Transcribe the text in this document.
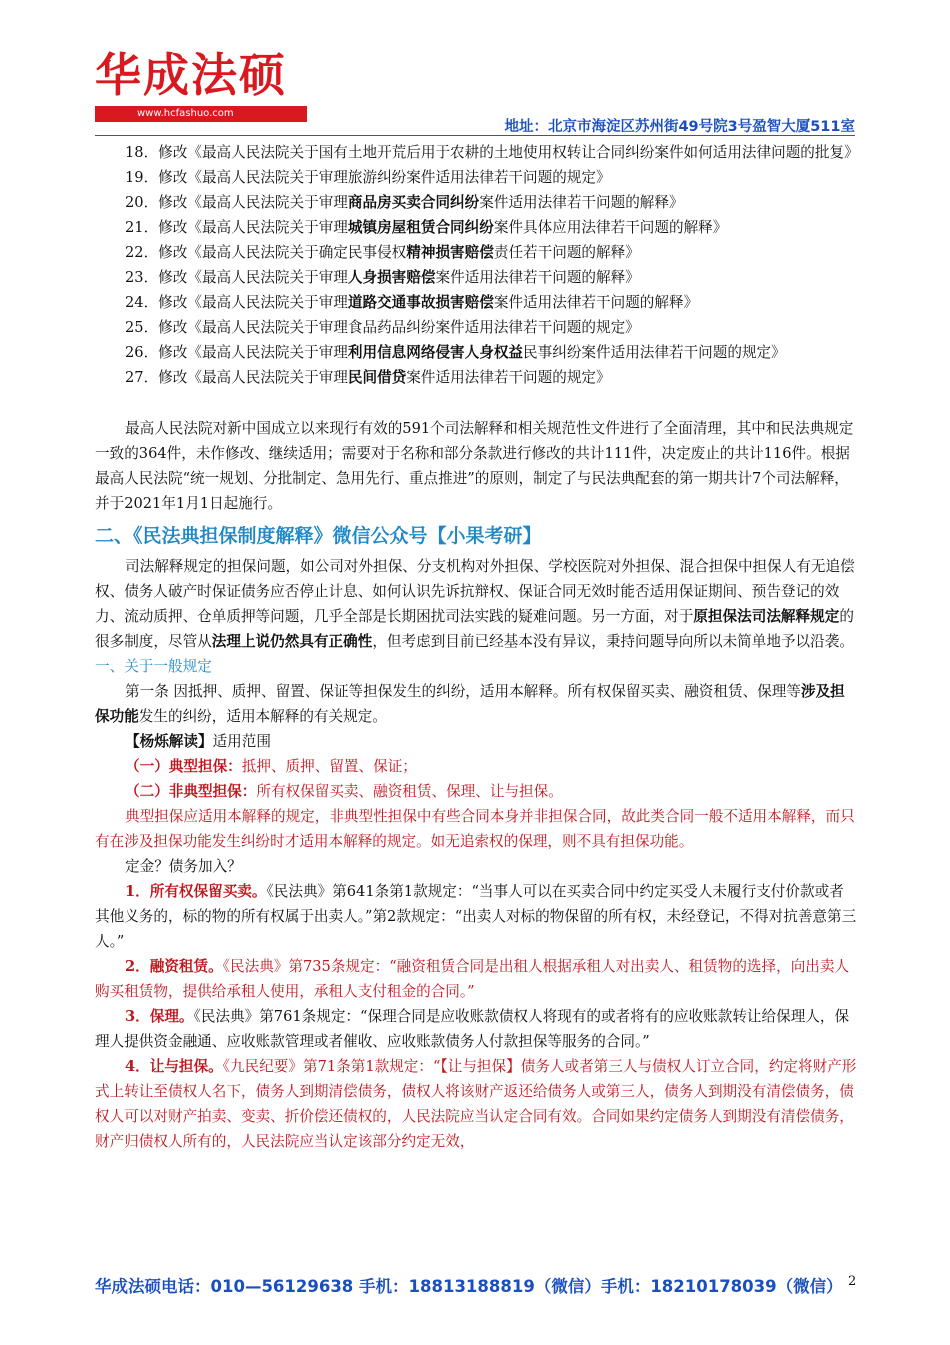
华成法硕
www.hcfashuo.com
地址：北京市海淀区苏州街49号院3号盈智大厦511室

18．修改《最高人民法院关于国有土地开荒后用于农耕的土地使用权转让合同纠纷案件如何适用法律问题的批复》

19．修改《最高人民法院关于审理旅游纠纷案件适用法律若干问题的规定》

20．修改《最高人民法院关于审理商品房买卖合同纠纷案件适用法律若干问题的解释》

21．修改《最高人民法院关于审理城镇房屋租赁合同纠纷案件具体应用法律若干问题的解释》

22．修改《最高人民法院关于确定民事侵权精神损害赔偿责任若干问题的解释》

23．修改《最高人民法院关于审理人身损害赔偿案件适用法律若干问题的解释》

24．修改《最高人民法院关于审理道路交通事故损害赔偿案件适用法律若干问题的解释》

25．修改《最高人民法院关于审理食品药品纠纷案件适用法律若干问题的规定》

26．修改《最高人民法院关于审理利用信息网络侵害人身权益民事纠纷案件适用法律若干问题的规定》

27．修改《最高人民法院关于审理民间借贷案件适用法律若干问题的规定》

最高人民法院对新中国成立以来现行有效的591个司法解释和相关规范性文件进行了全面清理，其中和民法典规定一致的364件，未作修改、继续适用；需要对于名称和部分条款进行修改的共计111件，决定废止的共计116件。根据最高人民法院“统一规划、分批制定、急用先行、重点推进”的原则，制定了与民法典配套的第一期共计7个司法解释，并于2021年1月1日起施行。

二、《民法典担保制度解释》微信公众号【小果考研】

司法解释规定的担保问题，如公司对外担保、分支机构对外担保、学校医院对外担保、混合担保中担保人有无追偿权、债务人破产时保证债务应否停止计息、如何认识先诉抗辩权、保证合同无效时能否适用保证期间、预告登记的效力、流动质押、仓单质押等问题，几乎全部是长期困扰司法实践的疑难问题。另一方面，对于原担保法司法解释规定的很多制度，尽管从法理上说仍然具有正确性，但考虑到目前已经基本没有异议，秉持问题导向所以未简单地予以沿袭。

一、关于一般规定

第一条 因抵押、质押、留置、保证等担保发生的纠纷，适用本解释。所有权保留买卖、融资租赁、保理等涉及担保功能发生的纠纷，适用本解释的有关规定。

【杨烁解读】适用范围

（一）典型担保：抵押、质押、留置、保证；

（二）非典型担保：所有权保留买卖、融资租赁、保理、让与担保。

典型担保应适用本解释的规定，非典型性担保中有些合同本身并非担保合同，故此类合同一般不适用本解释，而只有在涉及担保功能发生纠纷时才适用本解释的规定。如无追索权的保理，则不具有担保功能。

定金？债务加入？

1．所有权保留买卖。《民法典》第641条第1款规定：“当事人可以在买卖合同中约定买受人未履行支付价款或者其他义务的，标的物的所有权属于出卖人。”第2款规定：“出卖人对标的物保留的所有权，未经登记，不得对抗善意第三人。”

2．融资租赁。《民法典》第735条规定：“融资租赁合同是出租人根据承租人对出卖人、租赁物的选择，向出卖人购买租赁物，提供给承租人使用，承租人支付租金的合同。”

3．保理。《民法典》第761条规定：“保理合同是应收账款债权人将现有的或者将有的应收账款转让给保理人，保理人提供资金融通、应收账款管理或者催收、应收账款债务人付款担保等服务的合同。”

4．让与担保。《九民纪要》第71条第1款规定：“【让与担保】债务人或者第三人与债权人订立合同，约定将财产形式上转让至债权人名下，债务人到期清偿债务，债权人将该财产返还给债务人或第三人，债务人到期没有清偿债务，债权人可以对财产拍卖、变卖、折价偿还债权的，人民法院应当认定合同有效。合同如果约定债务人到期没有清偿债务，财产归债权人所有的，人民法院应当认定该部分约定无效，

华成法硕电话：010—56129638 手机：18813188819（微信）手机：18210178039（微信） 2
